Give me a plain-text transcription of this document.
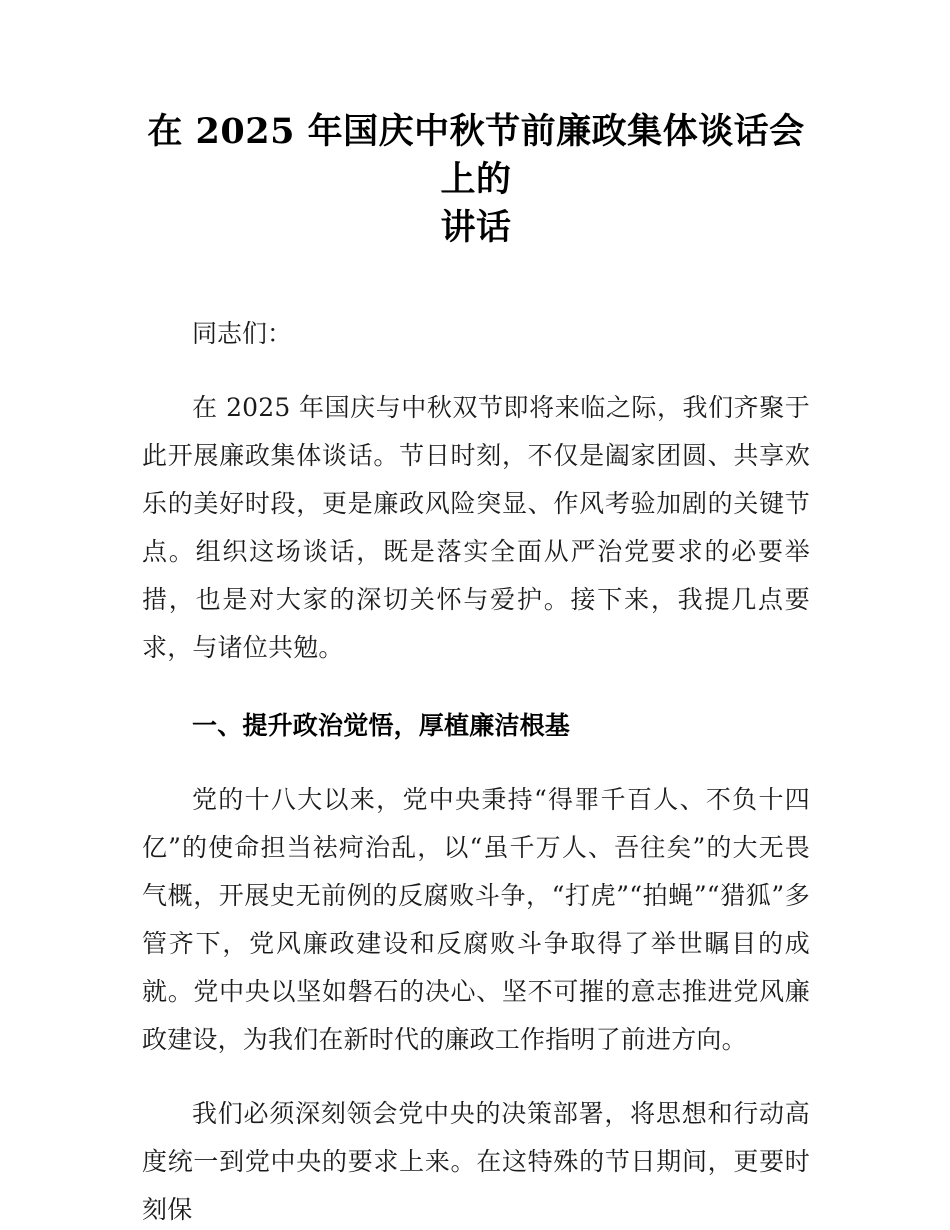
在 2025 年国庆中秋节前廉政集体谈话会上的
讲话

同志们：

在 2025 年国庆与中秋双节即将来临之际，我们齐聚于此开展廉政集体谈话。节日时刻，不仅是阖家团圆、共享欢乐的美好时段，更是廉政风险突显、作风考验加剧的关键节点。组织这场谈话，既是落实全面从严治党要求的必要举措，也是对大家的深切关怀与爱护。接下来，我提几点要求，与诸位共勉。

一、提升政治觉悟，厚植廉洁根基

党的十八大以来，党中央秉持“得罪千百人、不负十四亿”的使命担当祛疴治乱，以“虽千万人、吾往矣”的大无畏气概，开展史无前例的反腐败斗争，“打虎”“拍蝇”“猎狐”多管齐下，党风廉政建设和反腐败斗争取得了举世瞩目的成就。党中央以坚如磐石的决心、坚不可摧的意志推进党风廉政建设，为我们在新时代的廉政工作指明了前进方向。

我们必须深刻领会党中央的决策部署，将思想和行动高度统一到党中央的要求上来。在这特殊的节日期间，更要时刻保
